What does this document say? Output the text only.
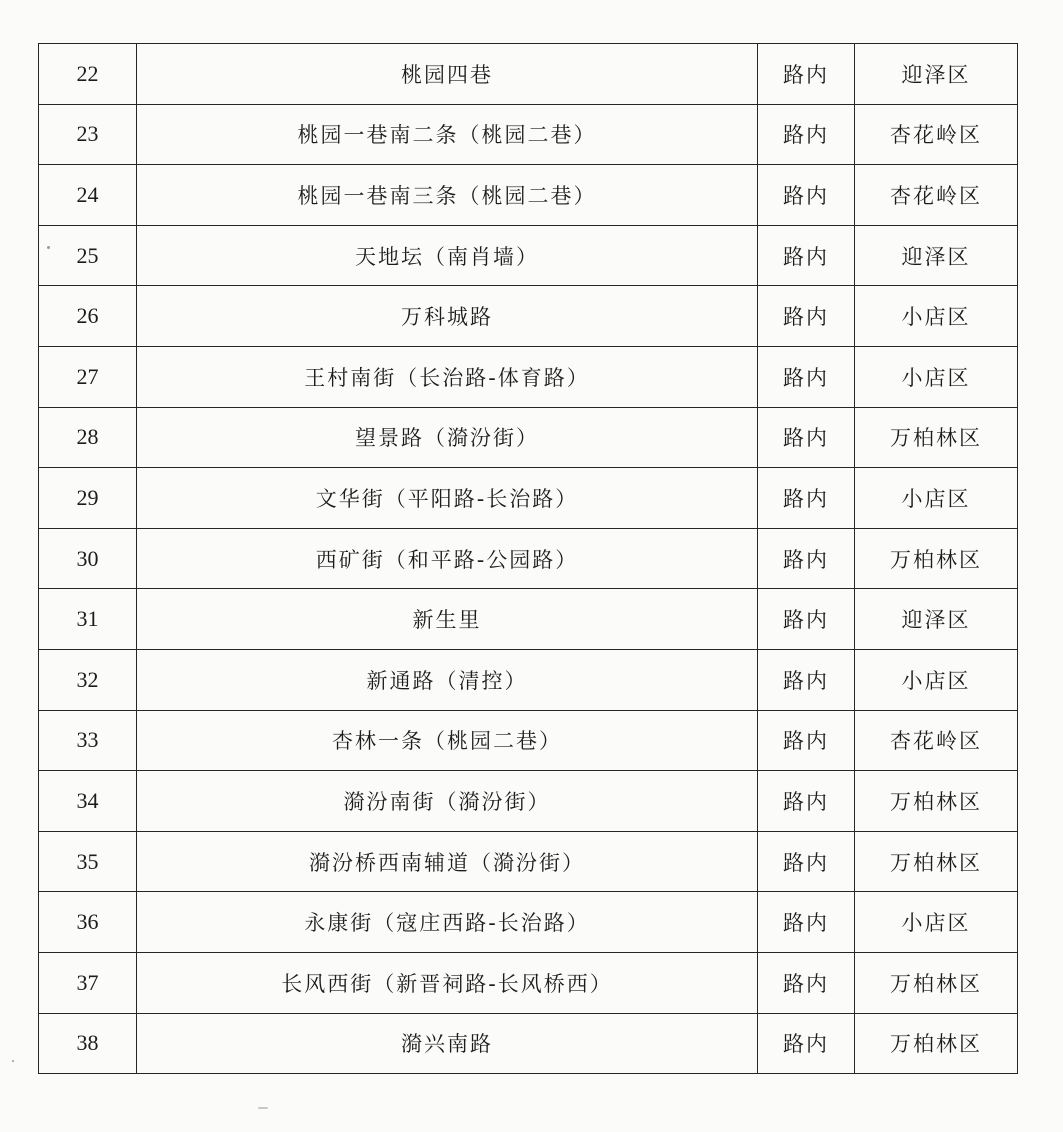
22	桃园四巷	路内	迎泽区
23	桃园一巷南二条（桃园二巷）	路内	杏花岭区
24	桃园一巷南三条（桃园二巷）	路内	杏花岭区
25	天地坛（南肖墙）	路内	迎泽区
26	万科城路	路内	小店区
27	王村南街（长治路-体育路）	路内	小店区
28	望景路（漪汾街）	路内	万柏林区
29	文华街（平阳路-长治路）	路内	小店区
30	西矿街（和平路-公园路）	路内	万柏林区
31	新生里	路内	迎泽区
32	新通路（清控）	路内	小店区
33	杏林一条（桃园二巷）	路内	杏花岭区
34	漪汾南街（漪汾街）	路内	万柏林区
35	漪汾桥西南辅道（漪汾街）	路内	万柏林区
36	永康街（寇庄西路-长治路）	路内	小店区
37	长风西街（新晋祠路-长风桥西）	路内	万柏林区
38	漪兴南路	路内	万柏林区
